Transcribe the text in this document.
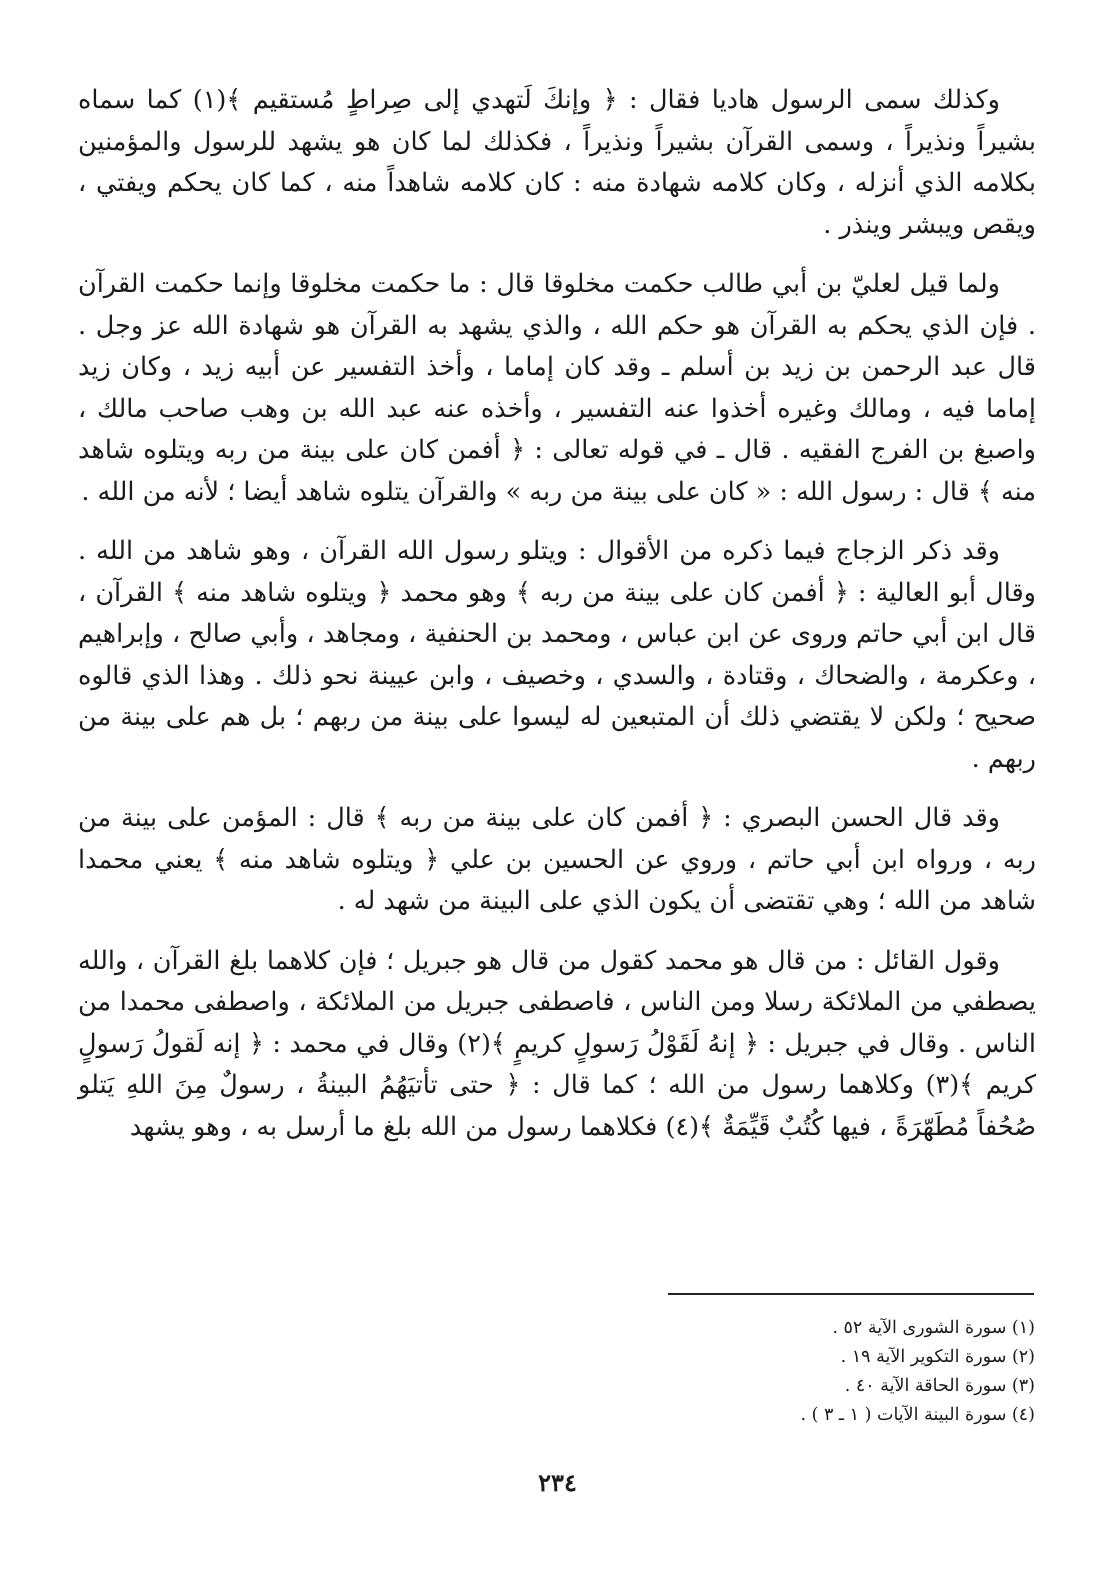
وكذلك سمى الرسول هاديا فقال : ﴿ وإنكَ لَتهدي إلى صِراطٍ مُستقيم ﴾(١) كما سماه بشيراً ونذيراً ، وسمى القرآن بشيراً ونذيراً ، فكذلك لما كان هو يشهد للرسول والمؤمنين بكلامه الذي أنزله ، وكان كلامه شهادة منه : كان كلامه شاهداً منه ، كما كان يحكم ويفتي ، ويقص ويبشر وينذر .

ولما قيل لعليّ بن أبي طالب حكمت مخلوقا قال : ما حكمت مخلوقا وإنما حكمت القرآن . فإن الذي يحكم به القرآن هو حكم الله ، والذي يشهد به القرآن هو شهادة الله عز وجل . قال عبد الرحمن بن زيد بن أسلم ـ وقد كان إماما ، وأخذ التفسير عن أبيه زيد ، وكان زيد إماما فيه ، ومالك وغيره أخذوا عنه التفسير ، وأخذه عنه عبد الله بن وهب صاحب مالك ، واصبغ بن الفرج الفقيه . قال ـ في قوله تعالى : ﴿ أفمن كان على بينة من ربه ويتلوه شاهد منه ﴾ قال : رسول الله : « كان على بينة من ربه » والقرآن يتلوه شاهد أيضا ؛ لأنه من الله .

وقد ذكر الزجاج فيما ذكره من الأقوال : ويتلو رسول الله القرآن ، وهو شاهد من الله . وقال أبو العالية : ﴿ أفمن كان على بينة من ربه ﴾ وهو محمد ﴿ ويتلوه شاهد منه ﴾ القرآن ، قال ابن أبي حاتم وروى عن ابن عباس ، ومحمد بن الحنفية ، ومجاهد ، وأبي صالح ، وإبراهيم ، وعكرمة ، والضحاك ، وقتادة ، والسدي ، وخصيف ، وابن عيينة نحو ذلك . وهذا الذي قالوه صحيح ؛ ولكن لا يقتضي ذلك أن المتبعين له ليسوا على بينة من ربهم ؛ بل هم على بينة من ربهم .

وقد قال الحسن البصري : ﴿ أفمن كان على بينة من ربه ﴾ قال : المؤمن على بينة من ربه ، ورواه ابن أبي حاتم ، وروي عن الحسين بن علي ﴿ ويتلوه شاهد منه ﴾ يعني محمدا شاهد من الله ؛ وهي تقتضى أن يكون الذي على البينة من شهد له .

وقول القائل : من قال هو محمد كقول من قال هو جبريل ؛ فإن كلاهما بلغ القرآن ، والله يصطفي من الملائكة رسلا ومن الناس ، فاصطفى جبريل من الملائكة ، واصطفى محمدا من الناس . وقال في جبريل : ﴿ إنهُ لَقَوْلُ رَسولٍ كريمٍ ﴾(٢) وقال في محمد : ﴿ إنه لَقولُ رَسولٍ كريم ﴾(٣) وكلاهما رسول من الله ؛ كما قال : ﴿ حتى تأتيَهُمُ البينةُ ، رسولٌ مِنَ اللهِ يَتلو صُحُفاً مُطَهّرَةً ، فيها كُتُبٌ قَيِّمَةٌ ﴾(٤) فكلاهما رسول من الله بلغ ما أرسل به ، وهو يشهد

(١) سورة الشورى الآية ٥٢ .

(٢) سورة التكوير الآية ١٩ .

(٣) سورة الحاقة الآية ٤٠ .

(٤) سورة البينة الآيات ( ١ ـ ٣ ) .

٢٣٤
